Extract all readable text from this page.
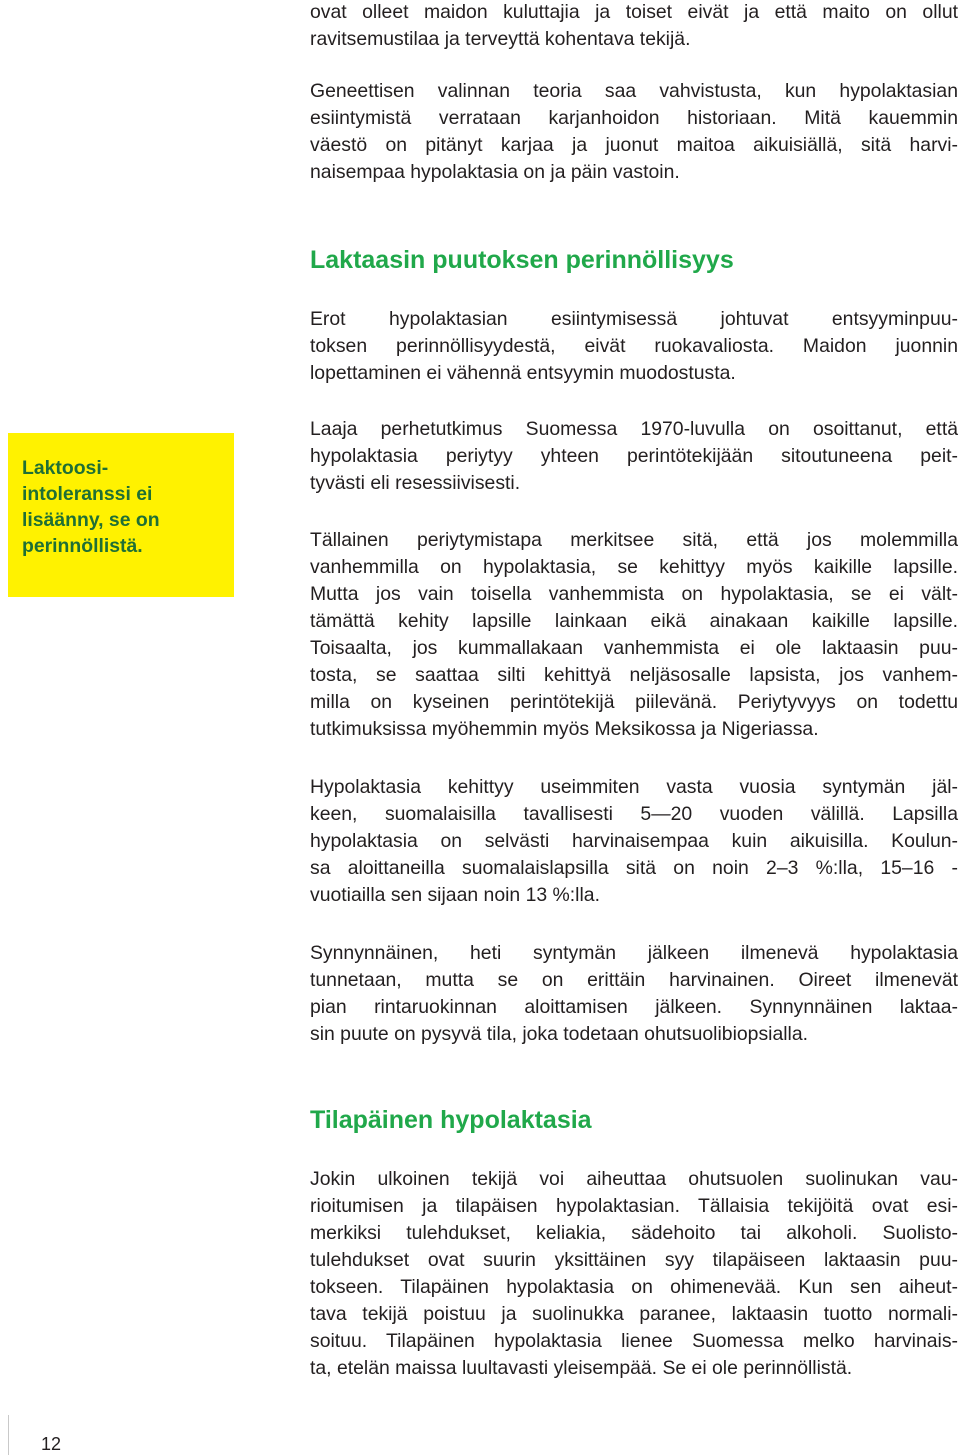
ovat olleet maidon kuluttajia ja toiset eivät ja että maito on ollut
ravitsemustilaa ja terveyttä kohentava tekijä.

Geneettisen valinnan teoria saa vahvistusta, kun hypolaktasian
esiintymistä verrataan karjanhoidon historiaan. Mitä kauemmin
väestö on pitänyt karjaa ja juonut maitoa aikuisiällä, sitä harvi-
naisempaa hypolaktasia on ja päin vastoin.

Laktaasin puutoksen perinnöllisyys

Erot hypolaktasian esiintymisessä johtuvat entsyyminpuu-
toksen perinnöllisyydestä, eivät ruokavaliosta. Maidon juonnin
lopettaminen ei vähennä entsyymin muodostusta.

Laaja perhetutkimus Suomessa 1970-luvulla on osoittanut, että
hypolaktasia periytyy yhteen perintötekijään sitoutuneena peit-
tyvästi eli resessiivisesti.

Tällainen periytymistapa merkitsee sitä, että jos molemmilla
vanhemmilla on hypolaktasia, se kehittyy myös kaikille lapsille.
Mutta jos vain toisella vanhemmista on hypolaktasia, se ei vält-
tämättä kehity lapsille lainkaan eikä ainakaan kaikille lapsille.
Toisaalta, jos kummallakaan vanhemmista ei ole laktaasin puu-
tosta, se saattaa silti kehittyä neljäsosalle lapsista, jos vanhem-
milla on kyseinen perintötekijä piilevänä. Periytyvyys on todettu
tutkimuksissa myöhemmin myös Meksikossa ja Nigeriassa.

Hypolaktasia kehittyy useimmiten vasta vuosia syntymän jäl-
keen, suomalaisilla tavallisesti 5—20 vuoden välillä. Lapsilla
hypolaktasia on selvästi harvinaisempaa kuin aikuisilla. Koulun-
sa aloittaneilla suomalaislapsilla sitä on noin 2–3 %:lla, 15–16 -
vuotiailla sen sijaan noin 13 %:lla.

Synnynnäinen, heti syntymän jälkeen ilmenevä hypolaktasia
tunnetaan, mutta se on erittäin harvinainen. Oireet ilmenevät
pian rintaruokinnan aloittamisen jälkeen. Synnynnäinen laktaa-
sin puute on pysyvä tila, joka todetaan ohutsuolibiopsialla.

Tilapäinen hypolaktasia

Jokin ulkoinen tekijä voi aiheuttaa ohutsuolen suolinukan vau-
rioitumisen ja tilapäisen hypolaktasian. Tällaisia tekijöitä ovat esi-
merkiksi tulehdukset, keliakia, sädehoito tai alkoholi. Suolisto-
tulehdukset ovat suurin yksittäinen syy tilapäiseen laktaasin puu-
tokseen. Tilapäinen hypolaktasia on ohimenevää. Kun sen aiheut-
tava tekijä poistuu ja suolinukka paranee, laktaasin tuotto normali-
soituu. Tilapäinen hypolaktasia lienee Suomessa melko harvinais-
ta, etelän maissa luultavasti yleisempää. Se ei ole perinnöllistä.

Laktoosi-
intoleranssi ei
lisäänny, se on
perinnöllistä.
12
